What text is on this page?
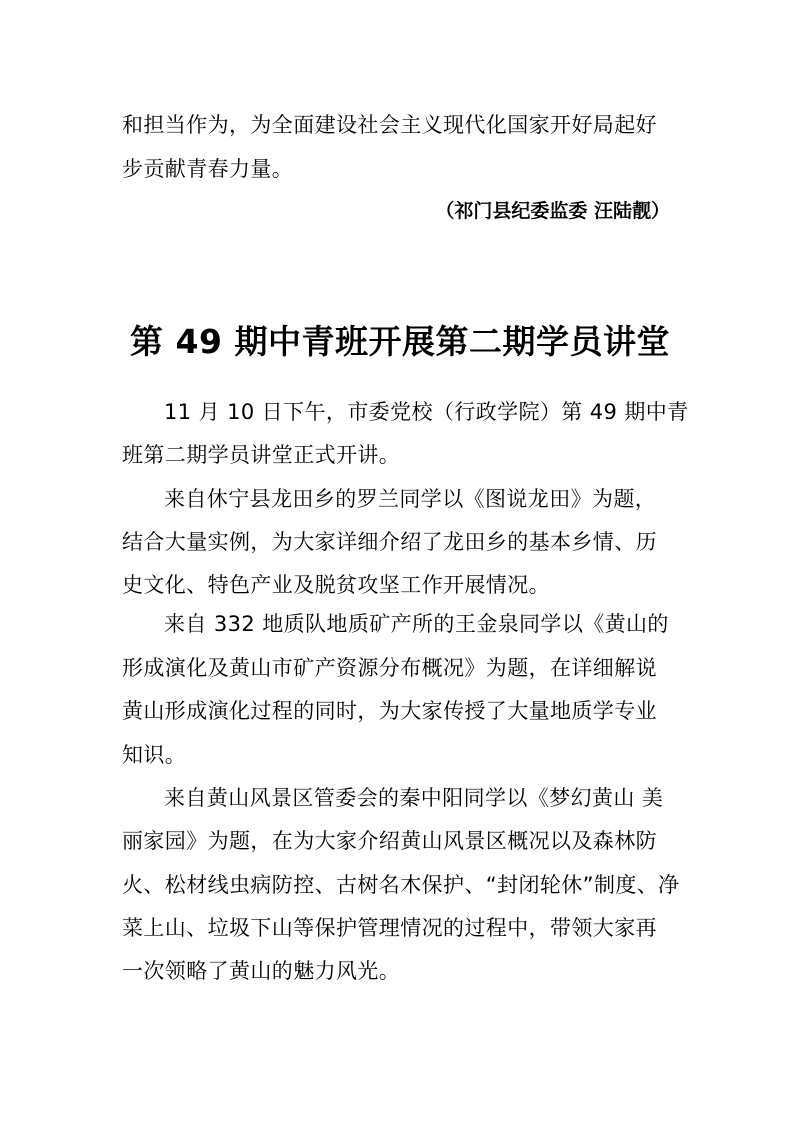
和担当作为，为全面建设社会主义现代化国家开好局起好
步贡献青春力量。
（祁门县纪委监委 汪陆靓）
第 49 期中青班开展第二期学员讲堂
11 月 10 日下午，市委党校（行政学院）第 49 期中青
班第二期学员讲堂正式开讲。
来自休宁县龙田乡的罗兰同学以《图说龙田》为题，
结合大量实例，为大家详细介绍了龙田乡的基本乡情、历
史文化、特色产业及脱贫攻坚工作开展情况。
来自 332 地质队地质矿产所的王金泉同学以《黄山的
形成演化及黄山市矿产资源分布概况》为题，在详细解说
黄山形成演化过程的同时，为大家传授了大量地质学专业
知识。
来自黄山风景区管委会的秦中阳同学以《梦幻黄山 美
丽家园》为题，在为大家介绍黄山风景区概况以及森林防
火、松材线虫病防控、古树名木保护、“封闭轮休”制度、净
菜上山、垃圾下山等保护管理情况的过程中，带领大家再
一次领略了黄山的魅力风光。
